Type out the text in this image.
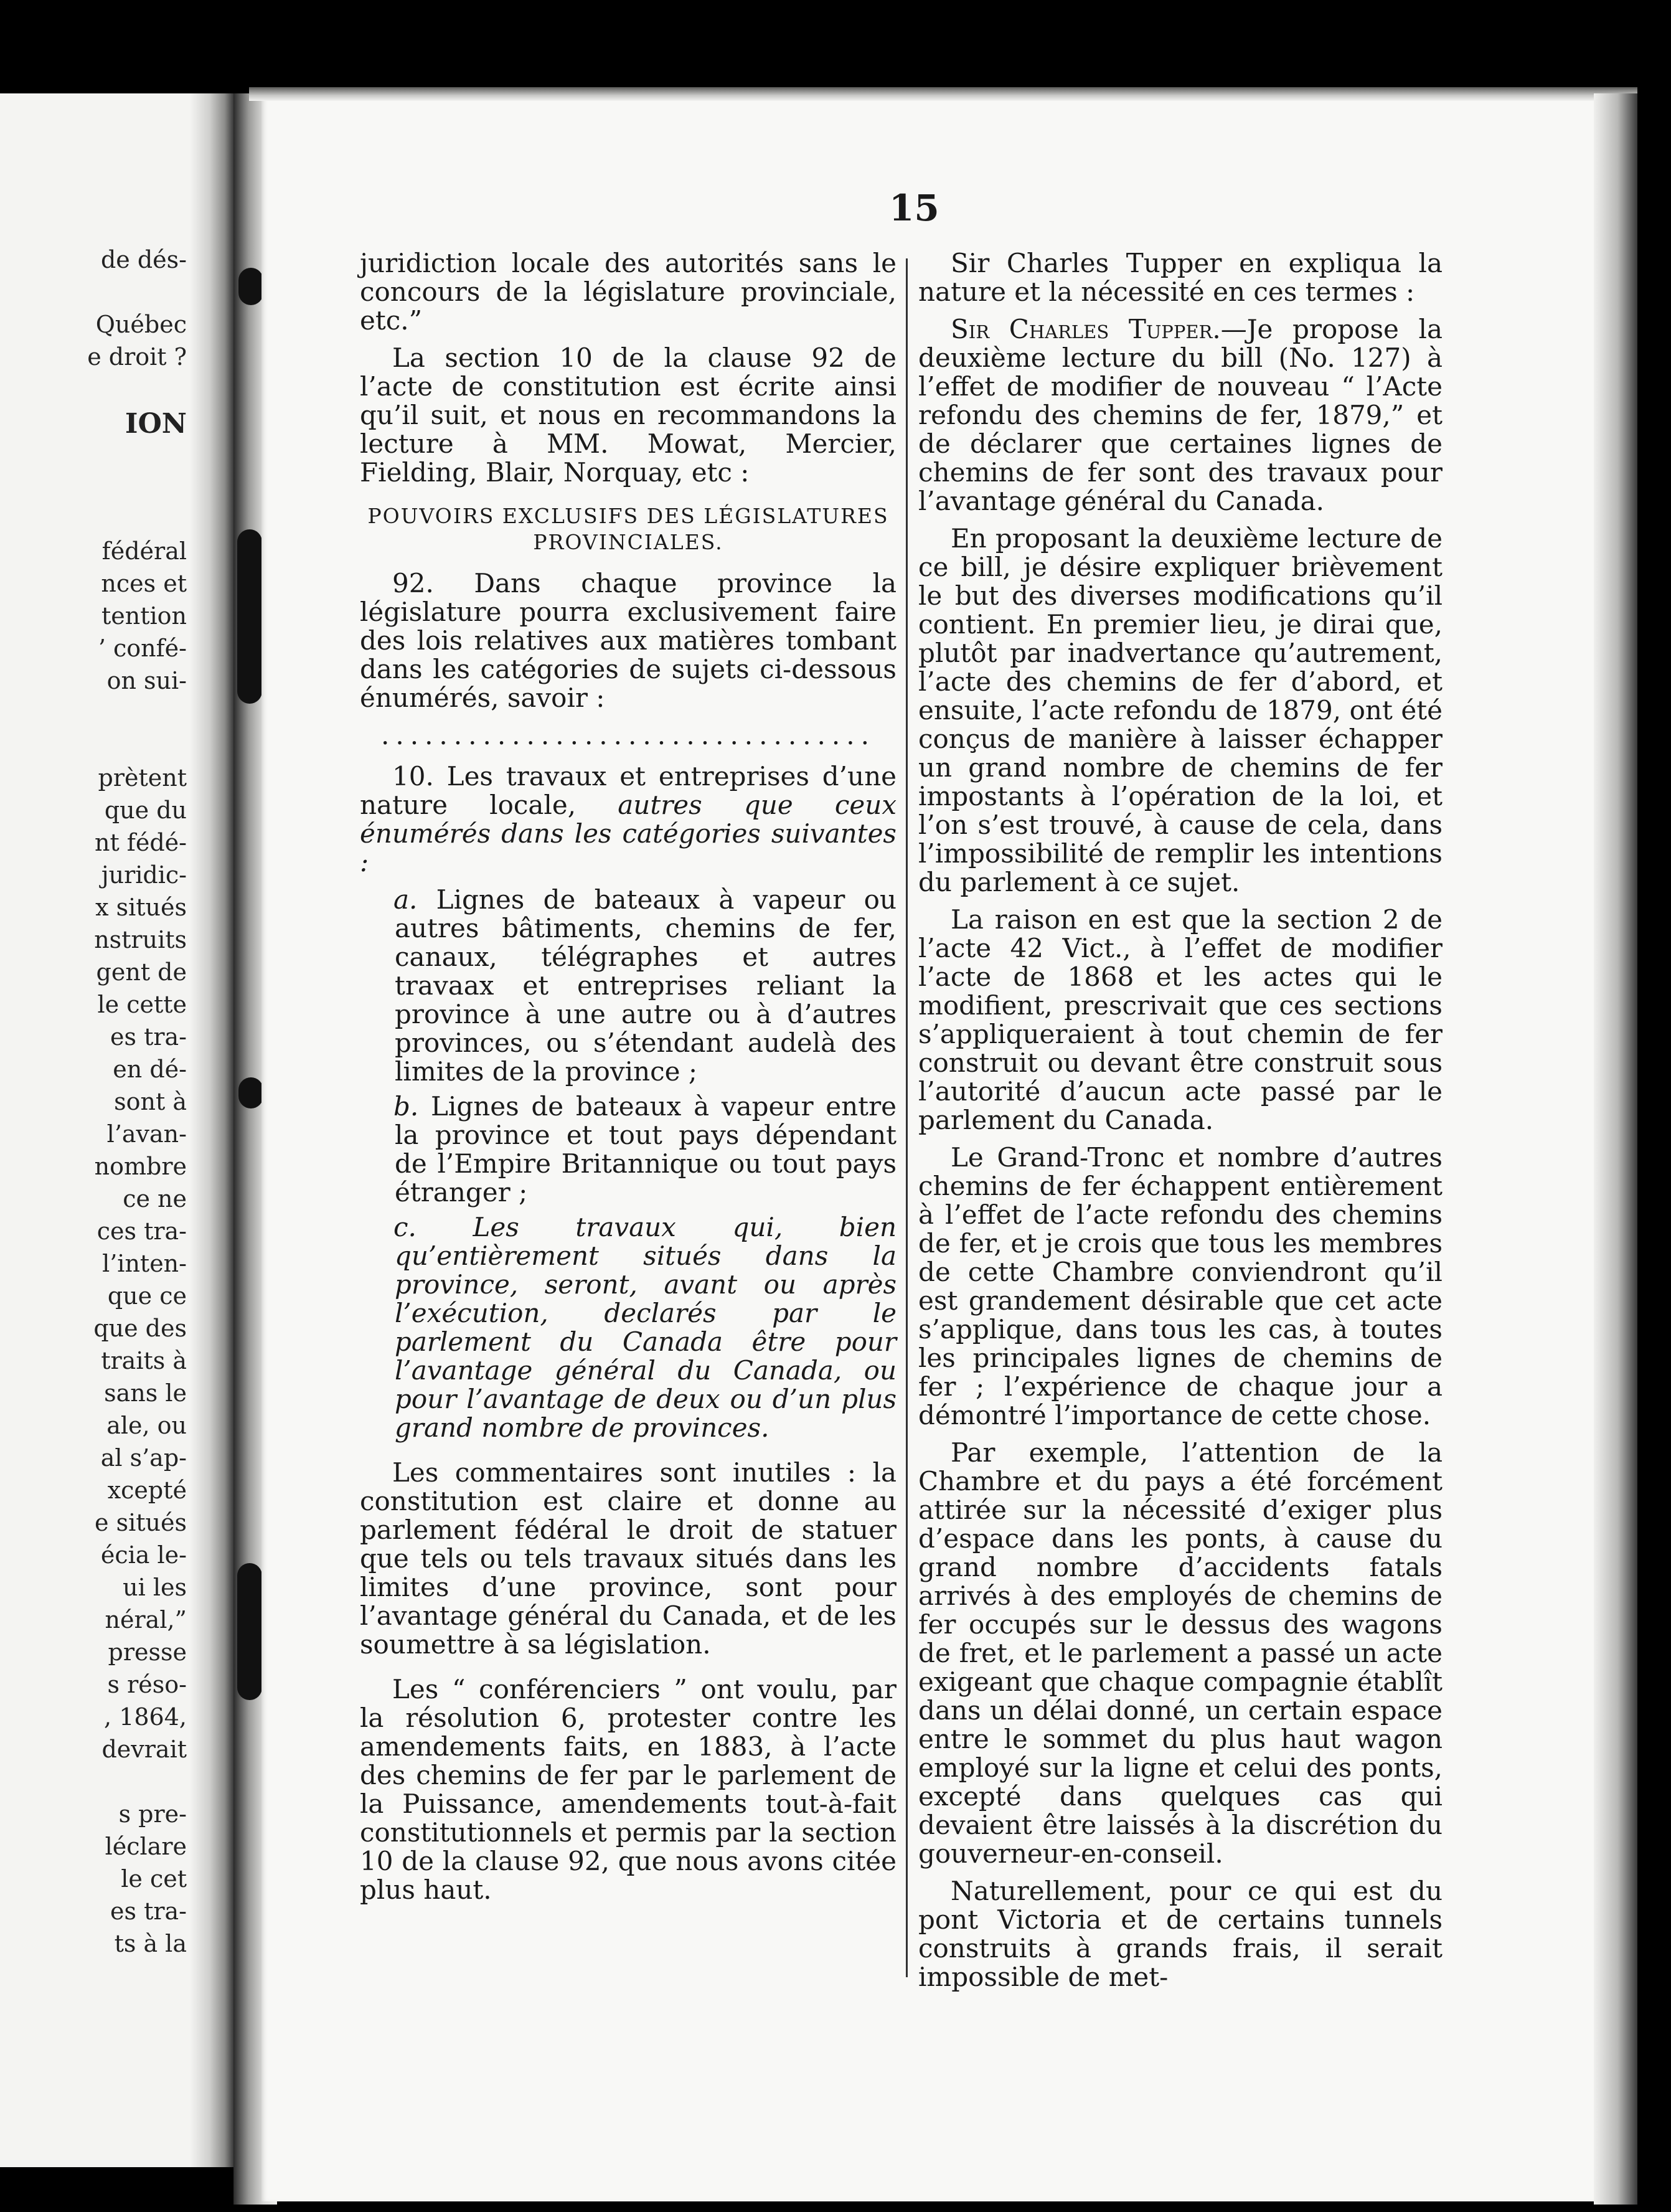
de dés-
Québec
e droit ?
ION
fédéral
nces et
tention
’ confé-
on sui-
prètent
que du
nt fédé-
juridic-
x situés
nstruits
gent de
le cette
es tra-
en dé-
sont à
l’avan-
nombre
ce ne
ces tra-
l’inten-
que ce
que des
traits à
sans le
ale, ou
al s’ap-
xcepté
e situés
écia le-
ui les
néral,”
presse
s réso-
, 1864,
devrait
s pre-
léclare
le cet
es tra-
ts à la
15

juridiction locale des autorités sans le concours de la législature provinciale, etc.”

La section 10 de la clause 92 de l’acte de constitution est écrite ainsi qu’il suit, et nous en recommandons la lecture à MM. Mowat, Mercier, Fielding, Blair, Norquay, etc :

POUVOIRS EXCLUSIFS DES LÉGISLATURES PROVINCIALES.

92. Dans chaque province la législature pourra exclusivement faire des lois relatives aux matières tombant dans les catégories de sujets ci-dessous énumérés, savoir :

..................................

10. Les travaux et entreprises d’une nature locale, autres que ceux énumérés dans les catégories suivantes :

a. Lignes de bateaux à vapeur ou autres bâtiments, chemins de fer, canaux, télégraphes et autres travaax et entreprises reliant la province à une autre ou à d’autres provinces, ou s’étendant audelà des limites de la province ;

b. Lignes de bateaux à vapeur entre la province et tout pays dépendant de l’Empire Britannique ou tout pays étranger ;

c. Les travaux qui, bien qu’entièrement situés dans la province, seront, avant ou après l’exécution, declarés par le parlement du Canada être pour l’avantage général du Canada, ou pour l’avantage de deux ou d’un plus grand nombre de provinces.

Les commentaires sont inutiles : la constitution est claire et donne au parlement fédéral le droit de statuer que tels ou tels travaux situés dans les limites d’une province, sont pour l’avantage général du Canada, et de les soumettre à sa législation.

Les “ conférenciers ” ont voulu, par la résolution 6, protester contre les amendements faits, en 1883, à l’acte des chemins de fer par le parlement de la Puissance, amendements tout-à-fait constitutionnels et permis par la section 10 de la clause 92, que nous avons citée plus haut.

Sir Charles Tupper en expliqua la nature et la nécessité en ces termes :

Sir Charles Tupper.—Je propose la deuxième lecture du bill (No. 127) à l’effet de modifier de nouveau “ l’Acte refondu des chemins de fer, 1879,” et de déclarer que certaines lignes de chemins de fer sont des travaux pour l’avantage général du Canada.

En proposant la deuxième lecture de ce bill, je désire expliquer brièvement le but des diverses modifications qu’il contient. En premier lieu, je dirai que, plutôt par inadvertance qu’autrement, l’acte des chemins de fer d’abord, et ensuite, l’acte refondu de 1879, ont été conçus de manière à laisser échapper un grand nombre de chemins de fer impostants à l’opération de la loi, et l’on s’est trouvé, à cause de cela, dans l’impossibilité de remplir les intentions du parlement à ce sujet.

La raison en est que la section 2 de l’acte 42 Vict., à l’effet de modifier l’acte de 1868 et les actes qui le modifient, prescrivait que ces sections s’appliqueraient à tout chemin de fer construit ou devant être construit sous l’autorité d’aucun acte passé par le parlement du Canada.

Le Grand-Tronc et nombre d’autres chemins de fer échappent entièrement à l’effet de l’acte refondu des chemins de fer, et je crois que tous les membres de cette Chambre conviendront qu’il est grandement désirable que cet acte s’applique, dans tous les cas, à toutes les principales lignes de chemins de fer ; l’expérience de chaque jour a démontré l’importance de cette chose.

Par exemple, l’attention de la Chambre et du pays a été forcément attirée sur la nécessité d’exiger plus d’espace dans les ponts, à cause du grand nombre d’accidents fatals arrivés à des employés de chemins de fer occupés sur le dessus des wagons de fret, et le parlement a passé un acte exigeant que chaque compagnie établît dans un délai donné, un certain espace entre le sommet du plus haut wagon employé sur la ligne et celui des ponts, excepté dans quelques cas qui devaient être laissés à la discrétion du gouverneur-en-conseil.

Naturellement, pour ce qui est du pont Victoria et de certains tunnels construits à grands frais, il serait impossible de met-
